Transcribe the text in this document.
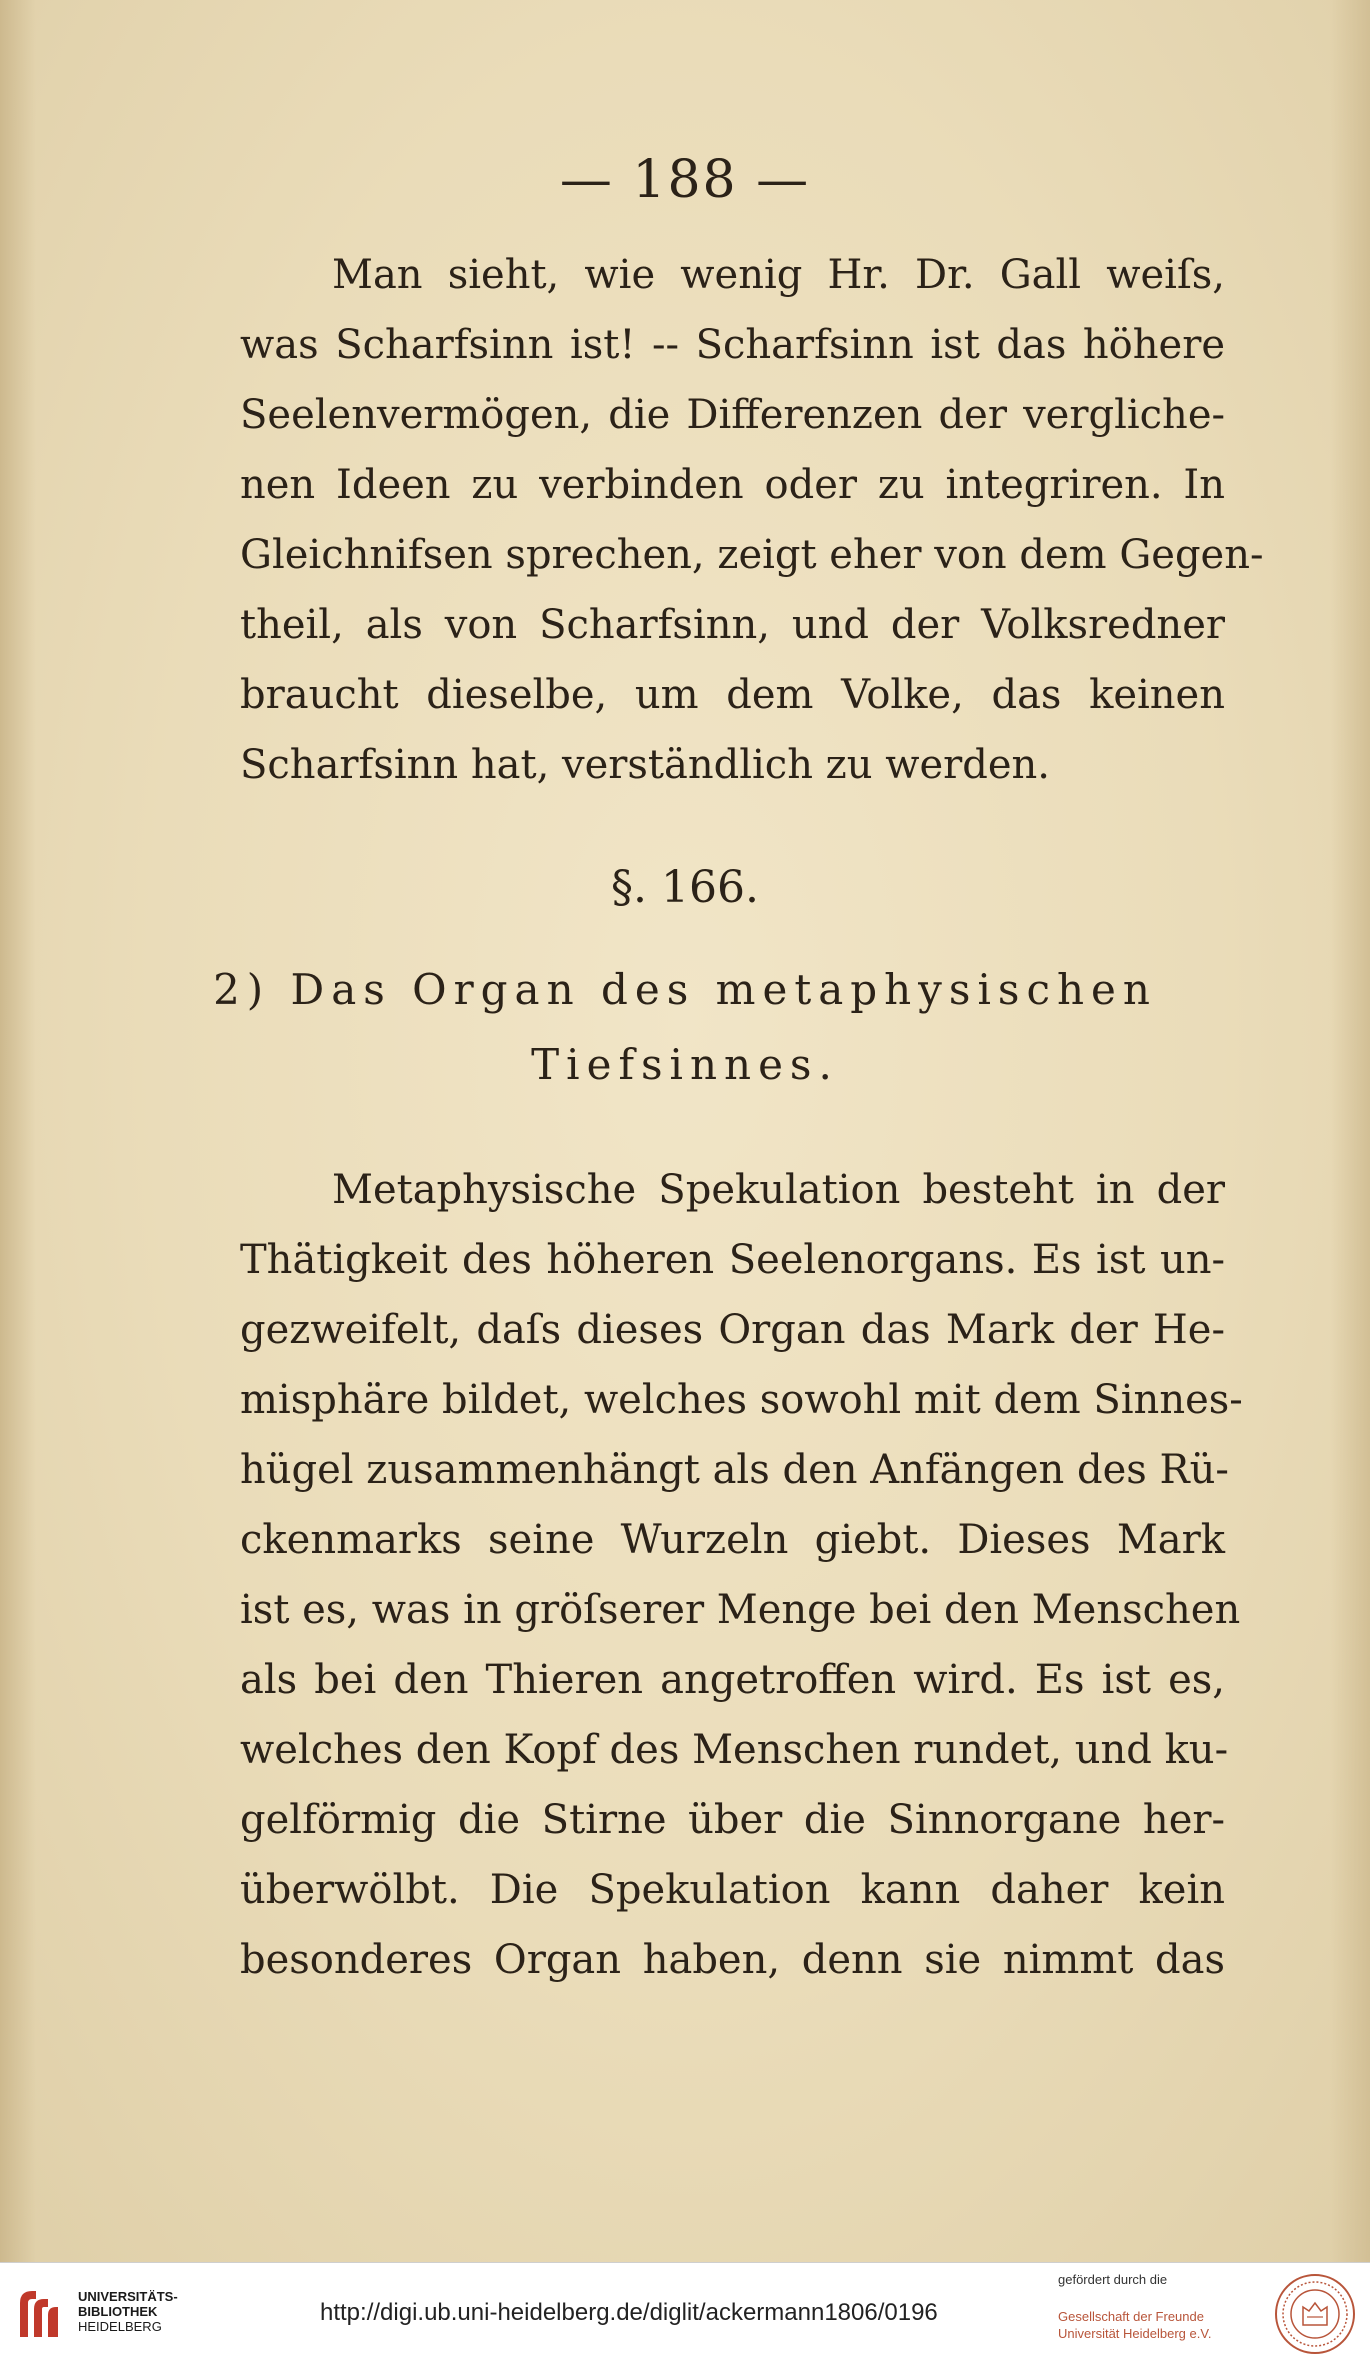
— 188 —
Man sieht, wie wenig Hr. Dr. Gall weiſs,
was Scharfsinn ist! -- Scharfsinn ist das höhere
Seelenvermögen, die Differenzen der vergliche-
nen Ideen zu verbinden oder zu integriren. In
Gleichnifsen sprechen, zeigt eher von dem Gegen-
theil, als von Scharfsinn, und der Volksredner
braucht dieselbe, um dem Volke, das keinen
Scharfsinn hat, verständlich zu werden.
§. 166.
2) Das Organ des metaphysischen
Tiefsinnes.
Metaphysische Spekulation besteht in der
Thätigkeit des höheren Seelenorgans. Es ist un-
gezweifelt, daſs dieses Organ das Mark der He-
misphäre bildet, welches sowohl mit dem Sinnes-
hügel zusammenhängt als den Anfängen des Rü-
ckenmarks seine Wurzeln giebt. Dieses Mark
ist es, was in gröſserer Menge bei den Menschen
als bei den Thieren angetroffen wird. Es ist es,
welches den Kopf des Menschen rundet, und ku-
gelförmig die Stirne über die Sinnorgane her-
überwölbt. Die Spekulation kann daher kein
besonderes Organ haben, denn sie nimmt das
UNIVERSITÄTS-
BIBLIOTHEK
HEIDELBERG
http://digi.ub.uni-heidelberg.de/diglit/ackermann1806/0196
gefördert durch die
Gesellschaft der Freunde
Universität Heidelberg e.V.
